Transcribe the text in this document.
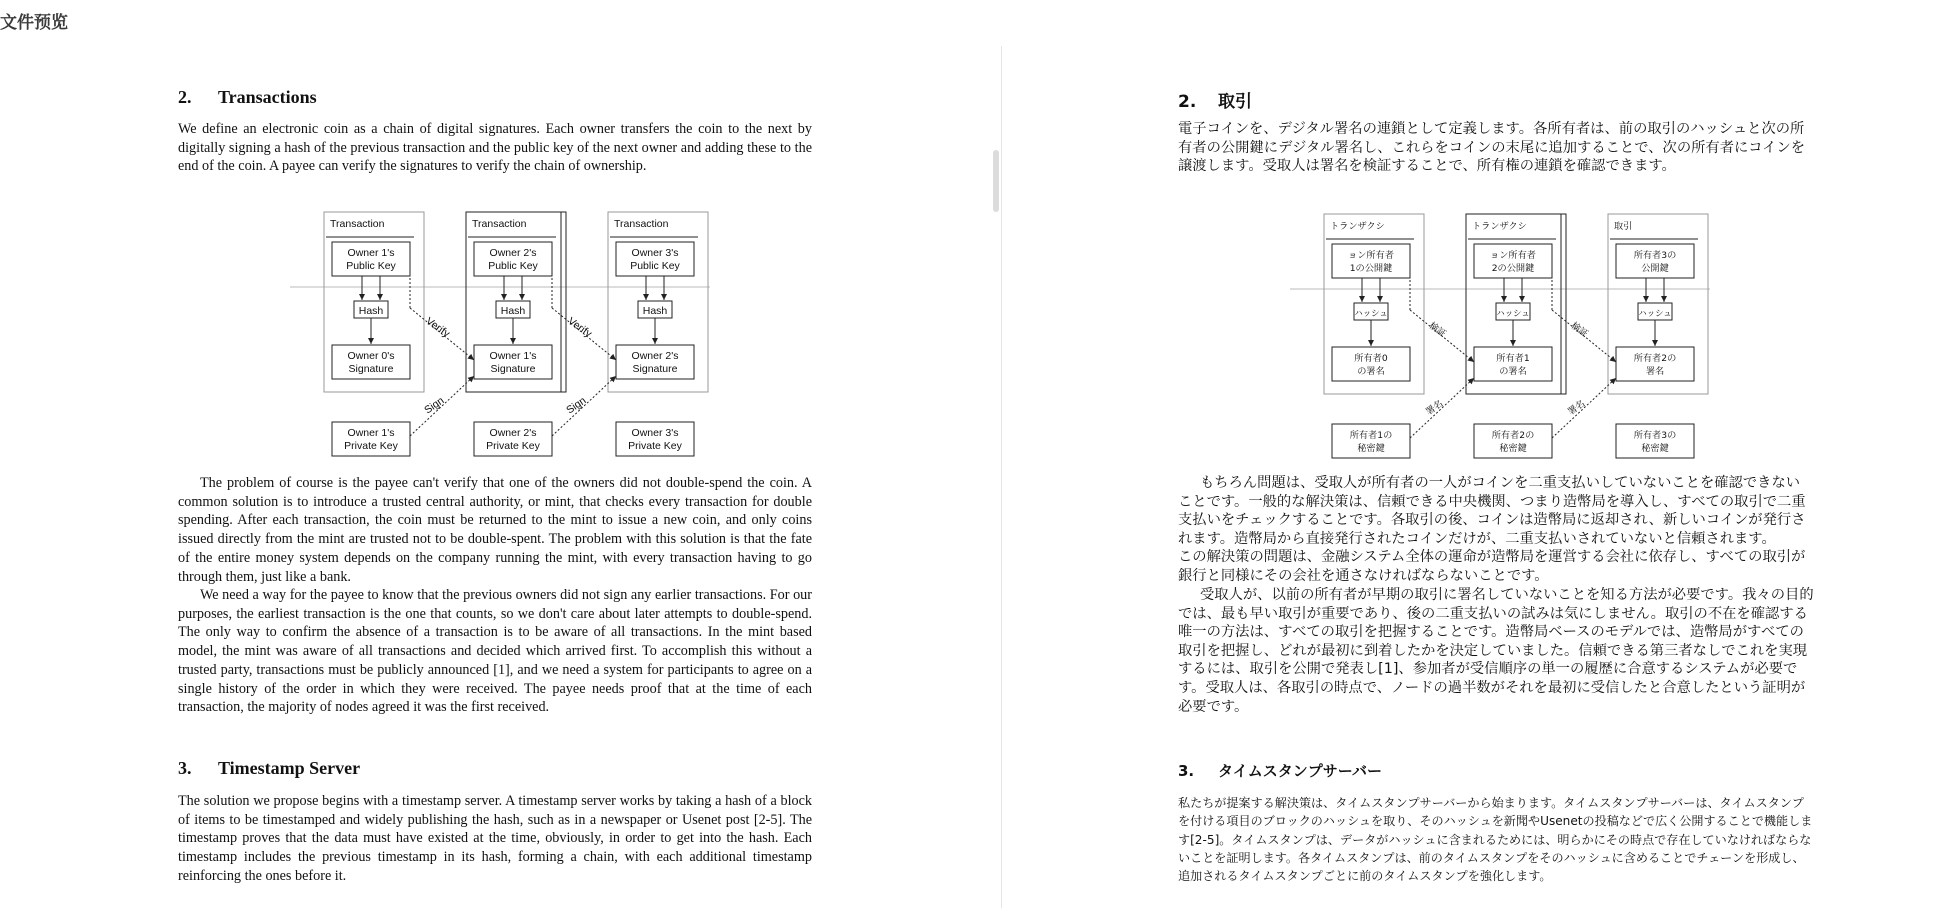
文件预览
2. Transactions

We define an electronic coin as a chain of digital signatures. Each owner transfers the coin to the next by digitally signing a hash of the previous transaction and the public key of the next owner and adding these to the end of the coin. A payee can verify the signatures to verify the chain of ownership.

Transaction
Owner 1's
Public Key
Hash
Owner 0's
Signature
Owner 1's
Private Key
Transaction
Owner 2's
Public Key
Hash
Owner 1's
Signature
Owner 2's
Private Key
Transaction
Owner 3's
Public Key
Hash
Owner 2's
Signature
Owner 3's
Private Key
Verify
Sign
Verify
Sign

The problem of course is the payee can't verify that one of the owners did not double-spend the coin. A common solution is to introduce a trusted central authority, or mint, that checks every transaction for double spending. After each transaction, the coin must be returned to the mint to issue a new coin, and only coins issued directly from the mint are trusted not to be double-spent. The problem with this solution is that the fate of the entire money system depends on the company running the mint, with every transaction having to go through them, just like a bank.

We need a way for the payee to know that the previous owners did not sign any earlier transactions. For our purposes, the earliest transaction is the one that counts, so we don't care about later attempts to double-spend. The only way to confirm the absence of a transaction is to be aware of all transactions. In the mint based model, the mint was aware of all transactions and decided which arrived first. To accomplish this without a trusted party, transactions must be publicly announced [1], and we need a system for participants to agree on a single history of the order in which they were received. The payee needs proof that at the time of each transaction, the majority of nodes agreed it was the first received.

3. Timestamp Server

The solution we propose begins with a timestamp server. A timestamp server works by taking a hash of a block of items to be timestamped and widely publishing the hash, such as in a newspaper or Usenet post [2-5]. The timestamp proves that the data must have existed at the time, obviously, in order to get into the hash. Each timestamp includes the previous timestamp in its hash, forming a chain, with each additional timestamp reinforcing the ones before it.

2. 取引

電子コインを、デジタル署名の連鎖として定義します。各所有者は、前の取引のハッシュと次の所有者の公開鍵にデジタル署名し、これらをコインの末尾に追加することで、次の所有者にコインを譲渡します。受取人は署名を検証することで、所有権の連鎖を確認できます。

トランザクシ
ョン所有者
1の公開鍵
ハッシュ
所有者0
の署名
所有者1の
秘密鍵
トランザクシ
ョン所有者
2の公開鍵
ハッシュ
所有者1
の署名
所有者2の
秘密鍵
取引
所有者3の
公開鍵
ハッシュ
所有者2の
署名
所有者3の
秘密鍵
検証
署名
検証
署名

もちろん問題は、受取人が所有者の一人がコインを二重支払いしていないことを確認できないことです。一般的な解決策は、信頼できる中央機関、つまり造幣局を導入し、すべての取引で二重支払いをチェックすることです。各取引の後、コインは造幣局に返却され、新しいコインが発行されます。造幣局から直接発行されたコインだけが、二重支払いされていないと信頼されます。

この解決策の問題は、金融システム全体の運命が造幣局を運営する会社に依存し、すべての取引が銀行と同様にその会社を通さなければならないことです。

受取人が、以前の所有者が早期の取引に署名していないことを知る方法が必要です。我々の目的では、最も早い取引が重要であり、後の二重支払いの試みは気にしません。取引の不在を確認する唯一の方法は、すべての取引を把握することです。造幣局ベースのモデルでは、造幣局がすべての取引を把握し、どれが最初に到着したかを決定していました。信頼できる第三者なしでこれを実現するには、取引を公開で発表し[1]、参加者が受信順序の単一の履歴に合意するシステムが必要です。受取人は、各取引の時点で、ノードの過半数がそれを最初に受信したと合意したという証明が必要です。

3. タイムスタンプサーバー

私たちが提案する解決策は、タイムスタンプサーバーから始まります。タイムスタンプサーバーは、タイムスタンプを付ける項目のブロックのハッシュを取り、そのハッシュを新聞やUsenetの投稿などで広く公開することで機能します[2-5]。タイムスタンプは、データがハッシュに含まれるためには、明らかにその時点で存在していなければならないことを証明します。各タイムスタンプは、前のタイムスタンプをそのハッシュに含めることでチェーンを形成し、追加されるタイムスタンプごとに前のタイムスタンプを強化します。
